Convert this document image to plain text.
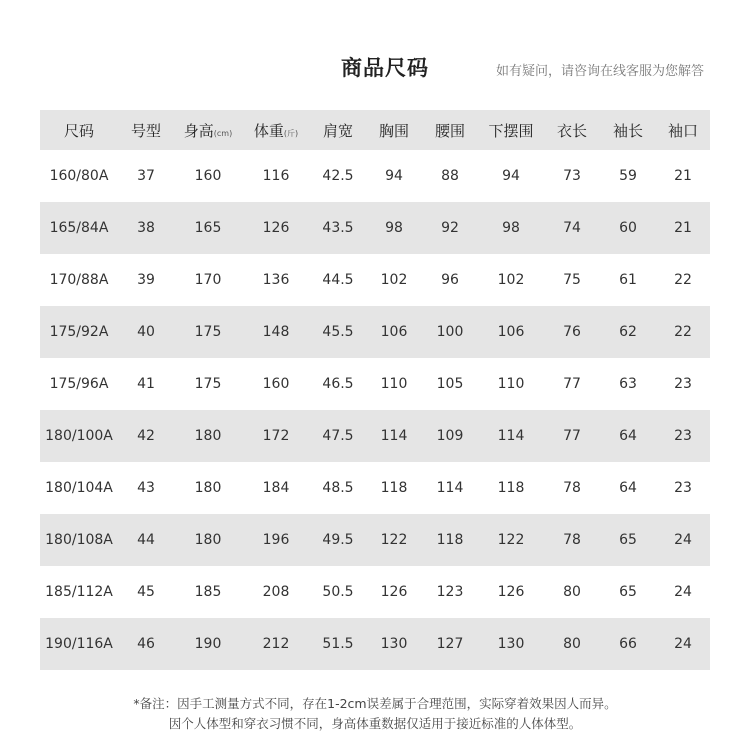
商品尺码	如有疑问，请咨询在线客服为您解答
尺码	号型	身高(cm)	体重(斤)	肩宽	胸围	腰围	下摆围	衣长	袖长	袖口
160/80A	37	160	116	42.5	94	88	94	73	59	21
165/84A	38	165	126	43.5	98	92	98	74	60	21
170/88A	39	170	136	44.5	102	96	102	75	61	22
175/92A	40	175	148	45.5	106	100	106	76	62	22
175/96A	41	175	160	46.5	110	105	110	77	63	23
180/100A	42	180	172	47.5	114	109	114	77	64	23
180/104A	43	180	184	48.5	118	114	118	78	64	23
180/108A	44	180	196	49.5	122	118	122	78	65	24
185/112A	45	185	208	50.5	126	123	126	80	65	24
190/116A	46	190	212	51.5	130	127	130	80	66	24
*备注：因手工测量方式不同，存在1-2cm误差属于合理范围，实际穿着效果因人而异。
因个人体型和穿衣习惯不同，身高体重数据仅适用于接近标准的人体体型。
